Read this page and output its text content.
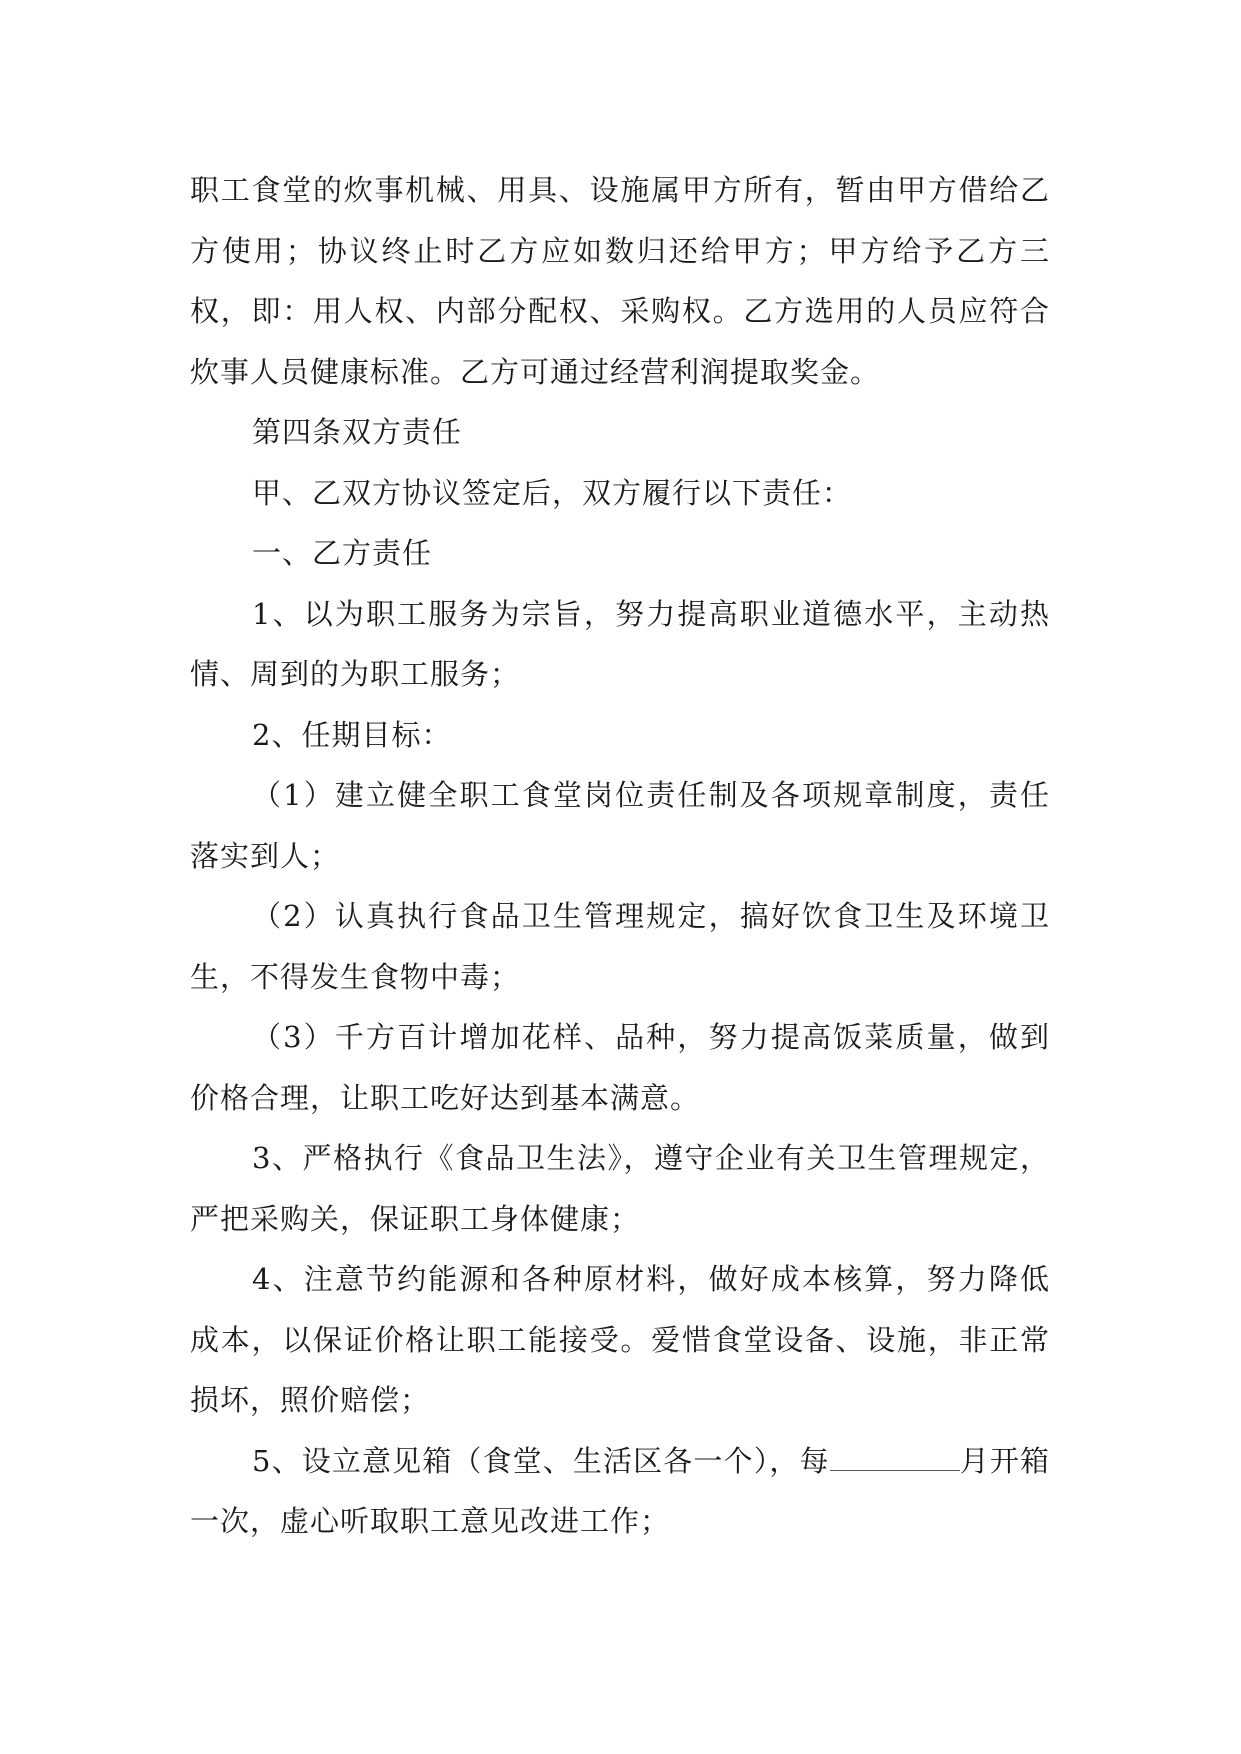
职工食堂的炊事机械、用具、设施属甲方所有，暂由甲方借给乙方使用；协议终止时乙方应如数归还给甲方；甲方给予乙方三权，即：用人权、内部分配权、采购权。乙方选用的人员应符合炊事人员健康标准。乙方可通过经营利润提取奖金。

第四条双方责任

甲、乙双方协议签定后，双方履行以下责任：

一、乙方责任

1、以为职工服务为宗旨，努力提高职业道德水平，主动热情、周到的为职工服务；

2、任期目标：

（1）建立健全职工食堂岗位责任制及各项规章制度，责任落实到人；

（2）认真执行食品卫生管理规定，搞好饮食卫生及环境卫生，不得发生食物中毒；

（3）千方百计增加花样、品种，努力提高饭菜质量，做到价格合理，让职工吃好达到基本满意。

3、严格执行《食品卫生法》，遵守企业有关卫生管理规定，严把采购关，保证职工身体健康；

4、注意节约能源和各种原材料，做好成本核算，努力降低成本，以保证价格让职工能接受。爱惜食堂设备、设施，非正常损坏，照价赔偿；

5、设立意见箱（食堂、生活区各一个），每	月开箱一次，虚心听取职工意见改进工作；
